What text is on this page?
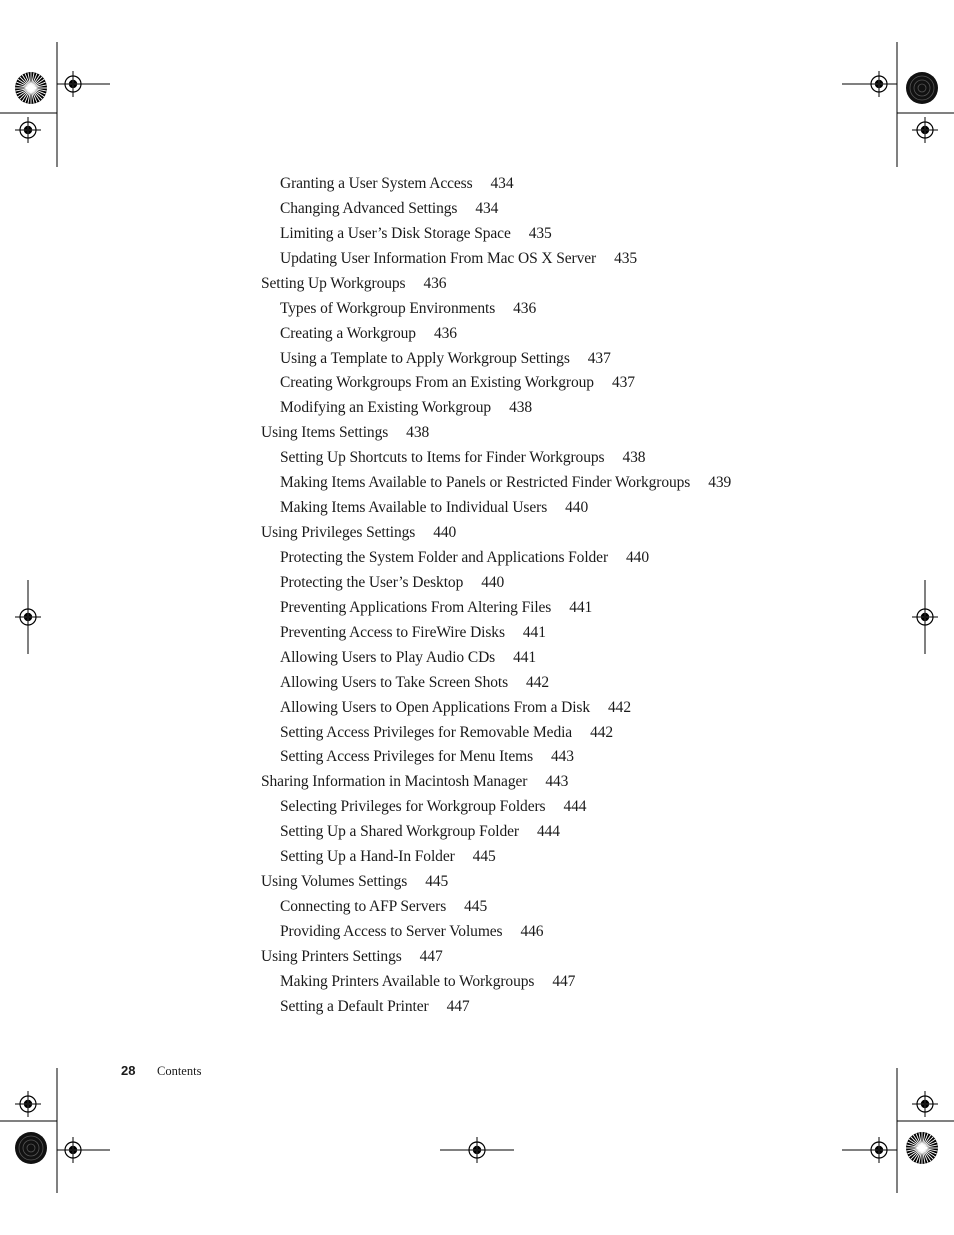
Granting a User System Access 434
Changing Advanced Settings 434
Limiting a User’s Disk Storage Space 435
Updating User Information From Mac OS X Server 435
Setting Up Workgroups 436
Types of Workgroup Environments 436
Creating a Workgroup 436
Using a Template to Apply Workgroup Settings 437
Creating Workgroups From an Existing Workgroup 437
Modifying an Existing Workgroup 438
Using Items Settings 438
Setting Up Shortcuts to Items for Finder Workgroups 438
Making Items Available to Panels or Restricted Finder Workgroups 439
Making Items Available to Individual Users 440
Using Privileges Settings 440
Protecting the System Folder and Applications Folder 440
Protecting the User’s Desktop 440
Preventing Applications From Altering Files 441
Preventing Access to FireWire Disks 441
Allowing Users to Play Audio CDs 441
Allowing Users to Take Screen Shots 442
Allowing Users to Open Applications From a Disk 442
Setting Access Privileges for Removable Media 442
Setting Access Privileges for Menu Items 443
Sharing Information in Macintosh Manager 443
Selecting Privileges for Workgroup Folders 444
Setting Up a Shared Workgroup Folder 444
Setting Up a Hand-In Folder 445
Using Volumes Settings 445
Connecting to AFP Servers 445
Providing Access to Server Volumes 446
Using Printers Settings 447
Making Printers Available to Workgroups 447
Setting a Default Printer 447
28 Contents
